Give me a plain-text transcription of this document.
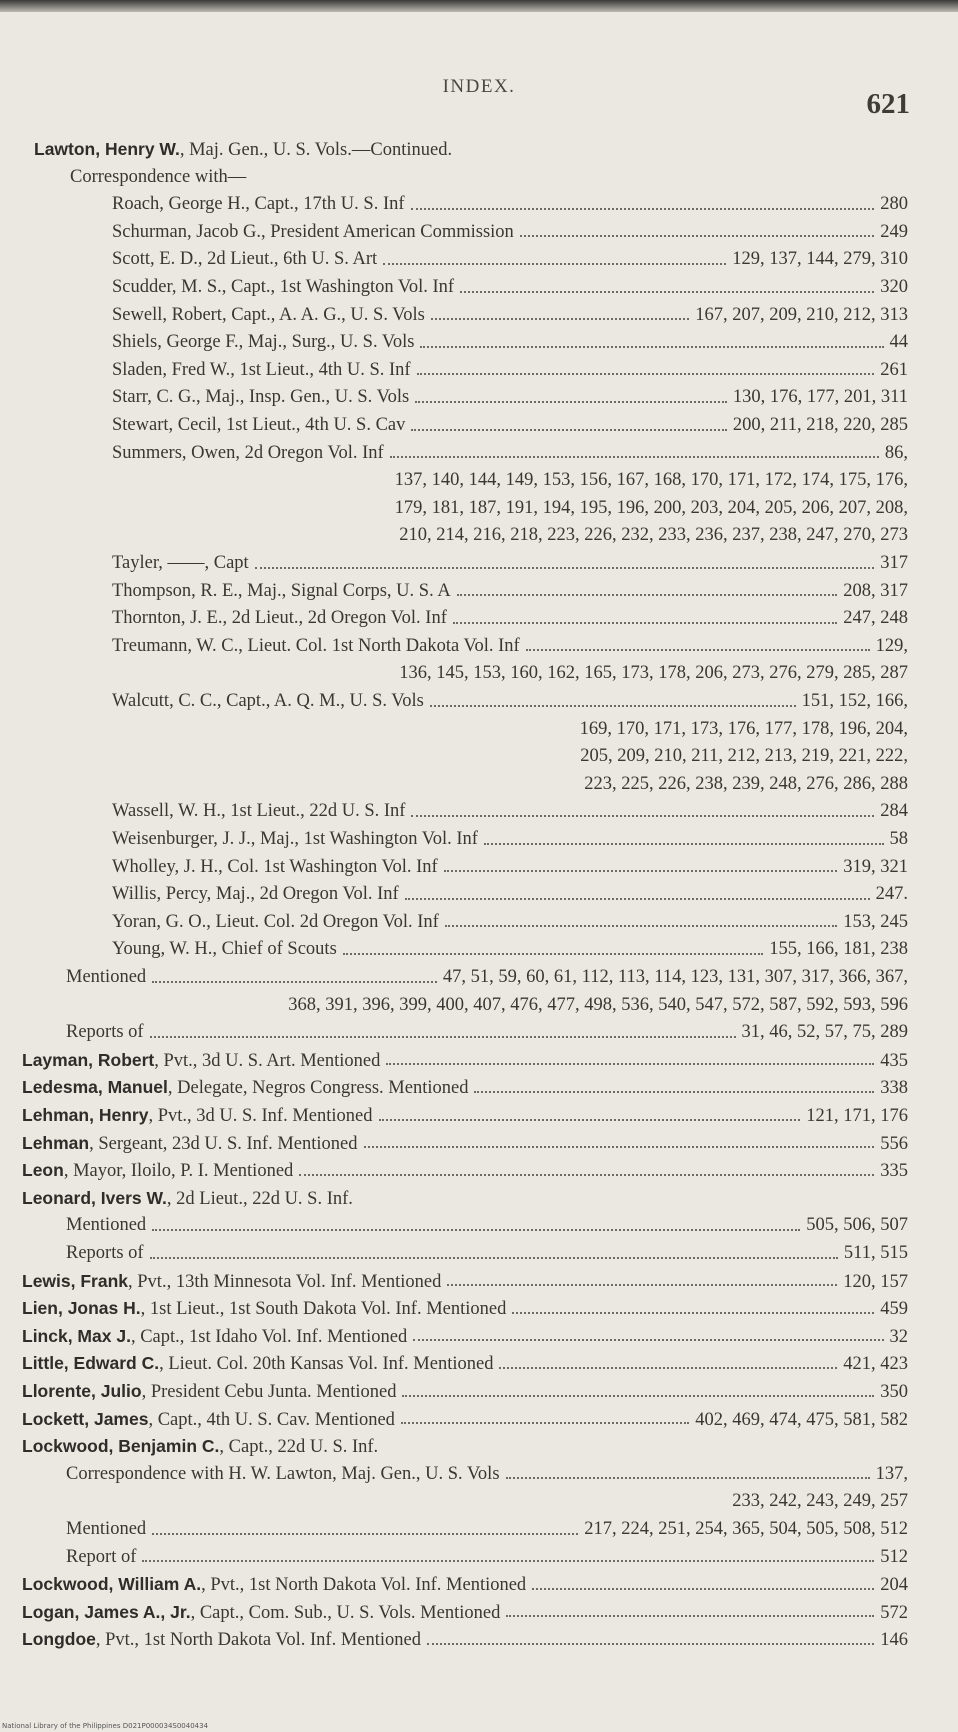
INDEX.
621
Lawton, Henry W. , Maj. Gen., U. S. Vols.—Continued.
Correspondence with—
Roach, George H., Capt., 17th U. S. Inf	280
Schurman, Jacob G., President American Commission	249
Scott, E. D., 2d Lieut., 6th U. S. Art	129, 137, 144, 279, 310
Scudder, M. S., Capt., 1st Washington Vol. Inf	320
Sewell, Robert, Capt., A. A. G., U. S. Vols	167, 207, 209, 210, 212, 313
Shiels, George F., Maj., Surg., U. S. Vols	44
Sladen, Fred W., 1st Lieut., 4th U. S. Inf	261
Starr, C. G., Maj., Insp. Gen., U. S. Vols	130, 176, 177, 201, 311
Stewart, Cecil, 1st Lieut., 4th U. S. Cav	200, 211, 218, 220, 285
Summers, Owen, 2d Oregon Vol. Inf	86,
137, 140, 144, 149, 153, 156, 167, 168, 170, 171, 172, 174, 175, 176,
179, 181, 187, 191, 194, 195, 196, 200, 203, 204, 205, 206, 207, 208,
210, 214, 216, 218, 223, 226, 232, 233, 236, 237, 238, 247, 270, 273
Tayler, ——, Capt	317
Thompson, R. E., Maj., Signal Corps, U. S. A	208, 317
Thornton, J. E., 2d Lieut., 2d Oregon Vol. Inf	247, 248
Treumann, W. C., Lieut. Col. 1st North Dakota Vol. Inf	129,
136, 145, 153, 160, 162, 165, 173, 178, 206, 273, 276, 279, 285, 287
Walcutt, C. C., Capt., A. Q. M., U. S. Vols	151, 152, 166,
169, 170, 171, 173, 176, 177, 178, 196, 204,
205, 209, 210, 211, 212, 213, 219, 221, 222,
223, 225, 226, 238, 239, 248, 276, 286, 288
Wassell, W. H., 1st Lieut., 22d U. S. Inf	284
Weisenburger, J. J., Maj., 1st Washington Vol. Inf	58
Wholley, J. H., Col. 1st Washington Vol. Inf	319, 321
Willis, Percy, Maj., 2d Oregon Vol. Inf	247.
Yoran, G. O., Lieut. Col. 2d Oregon Vol. Inf	153, 245
Young, W. H., Chief of Scouts	155, 166, 181, 238
Mentioned	47, 51, 59, 60, 61, 112, 113, 114, 123, 131, 307, 317, 366, 367,
368, 391, 396, 399, 400, 407, 476, 477, 498, 536, 540, 547, 572, 587, 592, 593, 596
Reports of	31, 46, 52, 57, 75, 289
Layman, Robert, Pvt., 3d U. S. Art. Mentioned	435
Ledesma, Manuel, Delegate, Negros Congress. Mentioned	338
Lehman, Henry, Pvt., 3d U. S. Inf. Mentioned	121, 171, 176
Lehman, Sergeant, 23d U. S. Inf. Mentioned	556
Leon, Mayor, Iloilo, P. I. Mentioned	335
Leonard, Ivers W. , 2d Lieut., 22d U. S. Inf.
Mentioned	505, 506, 507
Reports of	511, 515
Lewis, Frank, Pvt., 13th Minnesota Vol. Inf. Mentioned	120, 157
Lien, Jonas H., 1st Lieut., 1st South Dakota Vol. Inf. Mentioned	459
Linck, Max J., Capt., 1st Idaho Vol. Inf. Mentioned	32
Little, Edward C., Lieut. Col. 20th Kansas Vol. Inf. Mentioned	421, 423
Llorente, Julio, President Cebu Junta. Mentioned	350
Lockett, James, Capt., 4th U. S. Cav. Mentioned	402, 469, 474, 475, 581, 582
Lockwood, Benjamin C. , Capt., 22d U. S. Inf.
Correspondence with H. W. Lawton, Maj. Gen., U. S. Vols	137,
233, 242, 243, 249, 257
Mentioned	217, 224, 251, 254, 365, 504, 505, 508, 512
Report of	512
Lockwood, William A., Pvt., 1st North Dakota Vol. Inf. Mentioned	204
Logan, James A., Jr., Capt., Com. Sub., U. S. Vols. Mentioned	572
Longdoe, Pvt., 1st North Dakota Vol. Inf. Mentioned	146
National Library of the Philippines D021P000034S0040434
